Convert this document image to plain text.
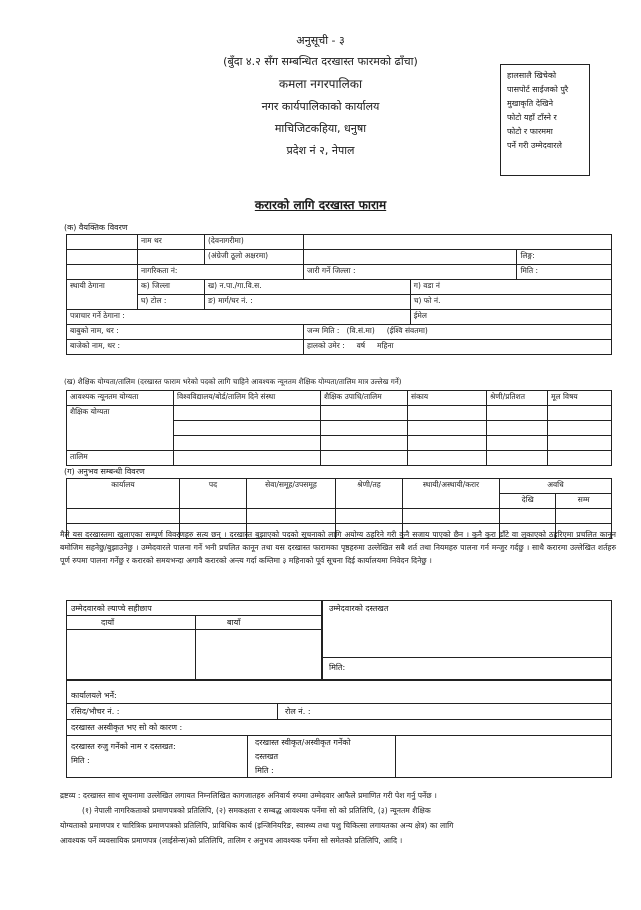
अनुसूची - ३
(बुँदा ४.२ सँग सम्बन्धित दरखास्त फारमको ढाँचा)
कमला नगरपालिका
नगर कार्यपालिकाको कार्यालय
माचिजिटकहिया, धनुषा
प्रदेश नं २, नेपाल
हालसालै खिचेको
पासपोर्ट साईजको पुरै
मुखाकृति देखिने
फोटो यहाँ टाँस्ने र
फोटो र फारममा
पर्ने गरी उम्मेदवारले
करारको लागि दरखास्त फाराम
(क) वैयक्तिक विवरण
	नाम थर	(देवनागरीमा)			
		(अंग्रेजी ठूलो अक्षरमा)			लिङ्ग:
	नागरिकता नं:		जारी गर्ने जिल्ला :		मिति :
स्थायी ठेगाना	क) जिल्ला	ख) न.पा./गा.वि.स.		ग) वडा नं	
	घ) टोल :	ङ) मार्ग/घर नं. :		च) फो नं.	
पत्राचार गर्ने ठेगाना :				ईमेल	
बाबुको नाम, थर :			जन्म मिति : (वि.सं.मा) (ईश्वि संवतमा)		
बाजेको नाम, थर :			हालको उमेर : वर्ष महिना		
(ख) शैक्षिक योग्यता/तालिम (दरखास्त फाराम भरेको पदको लागि चाहिने आवश्यक न्यूनतम शैक्षिक योग्यता/तालिम मात्र उल्लेख गर्ने)
आवश्यक न्यूनतम योग्यता	विश्वविद्यालय/बोर्ड/तालिम दिने संस्था	शैक्षिक उपाधि/तालिम	संकाय	श्रेणी/प्रतिशत	मूल विषय
शैक्षिक योग्यता					

तालिम					
(ग) अनुभव सम्बन्धी विवरण
कार्यालय	पद	सेवा/समूह/उपसमूह	श्रेणी/तह	स्थायी/अस्थायी/करार	अवधि	
					देखि	सम्म

मैले यस दरखास्तमा खुलाएका सम्पूर्ण विवरणहरु सत्य छन् । दरखास्त बुझाएको पदको सूचनाको लागि अयोग्य ठहरिने गरी कुनै सजाय पाएको छैन । कुनै कुरा ढाँटे वा लुकाएको ठहरिएमा प्रचलित कानून बमोजिम सहनेछु/बुझाउनेछु । उम्मेदवारले पालना गर्ने भनी प्रचलित कानून तथा यस दरखास्त फारामका पृष्ठहरुमा उल्लेखित सबै शर्त तथा नियमहरु पालना गर्न मन्जुर गर्दछु । साथै करारमा उल्लेखित शर्तहरु पूर्ण रुपमा पालना गर्नेछु र करारको समयभन्दा अगावै करारको अन्त्य गर्दा कम्तिमा ३ महिनाको पूर्व सूचना दिई कार्यालयमा निवेदन दिनेछु ।
उम्मेदवारको ल्याप्चे सहीछाप
दायाँ	बायाँ
उम्मेदवारको दस्तखत
मिति:
कार्यालयले भर्ने:
रसिद/भौचर नं. :	रोल नं. :
दरखास्त अस्वीकृत भए सो को कारण :
दरखास्त रुजु गर्नेको नाम र दस्तखत:
मिति :
दरखास्त स्वीकृत/अस्वीकृत गर्नेको
दस्तखत
मिति :
द्रष्टव्य : दरखास्त साथ सूचनामा उल्लेखित लगायत निम्नलिखित कागजातहरु अनिवार्य रुपमा उम्मेदवार आफैले प्रमाणित गरी पेश गर्नु पर्नेछ ।
(१) नेपाली नागरिकताको प्रमाणपत्रको प्रतिलिपि, (२) समकक्षता र सम्बद्ध आवश्यक पर्नेमा सो को प्रतिलिपि, (३) न्यूनतम शैक्षिक
योग्यताको प्रमाणपत्र र चारित्रिक प्रमाणपत्रको प्रतिलिपि, प्राविधिक कार्य (इन्जिनियरिङ, स्वास्थ्य तथा पशु चिकित्सा लगायतका अन्य क्षेत्र) का लागि
आवश्यक पर्ने व्यवसायिक प्रमाणपत्र (लाईसेन्स)को प्रतिलिपि, तालिम र अनुभव आवश्यक पर्नेमा सो समेतको प्रतिलिपि, आदि ।
